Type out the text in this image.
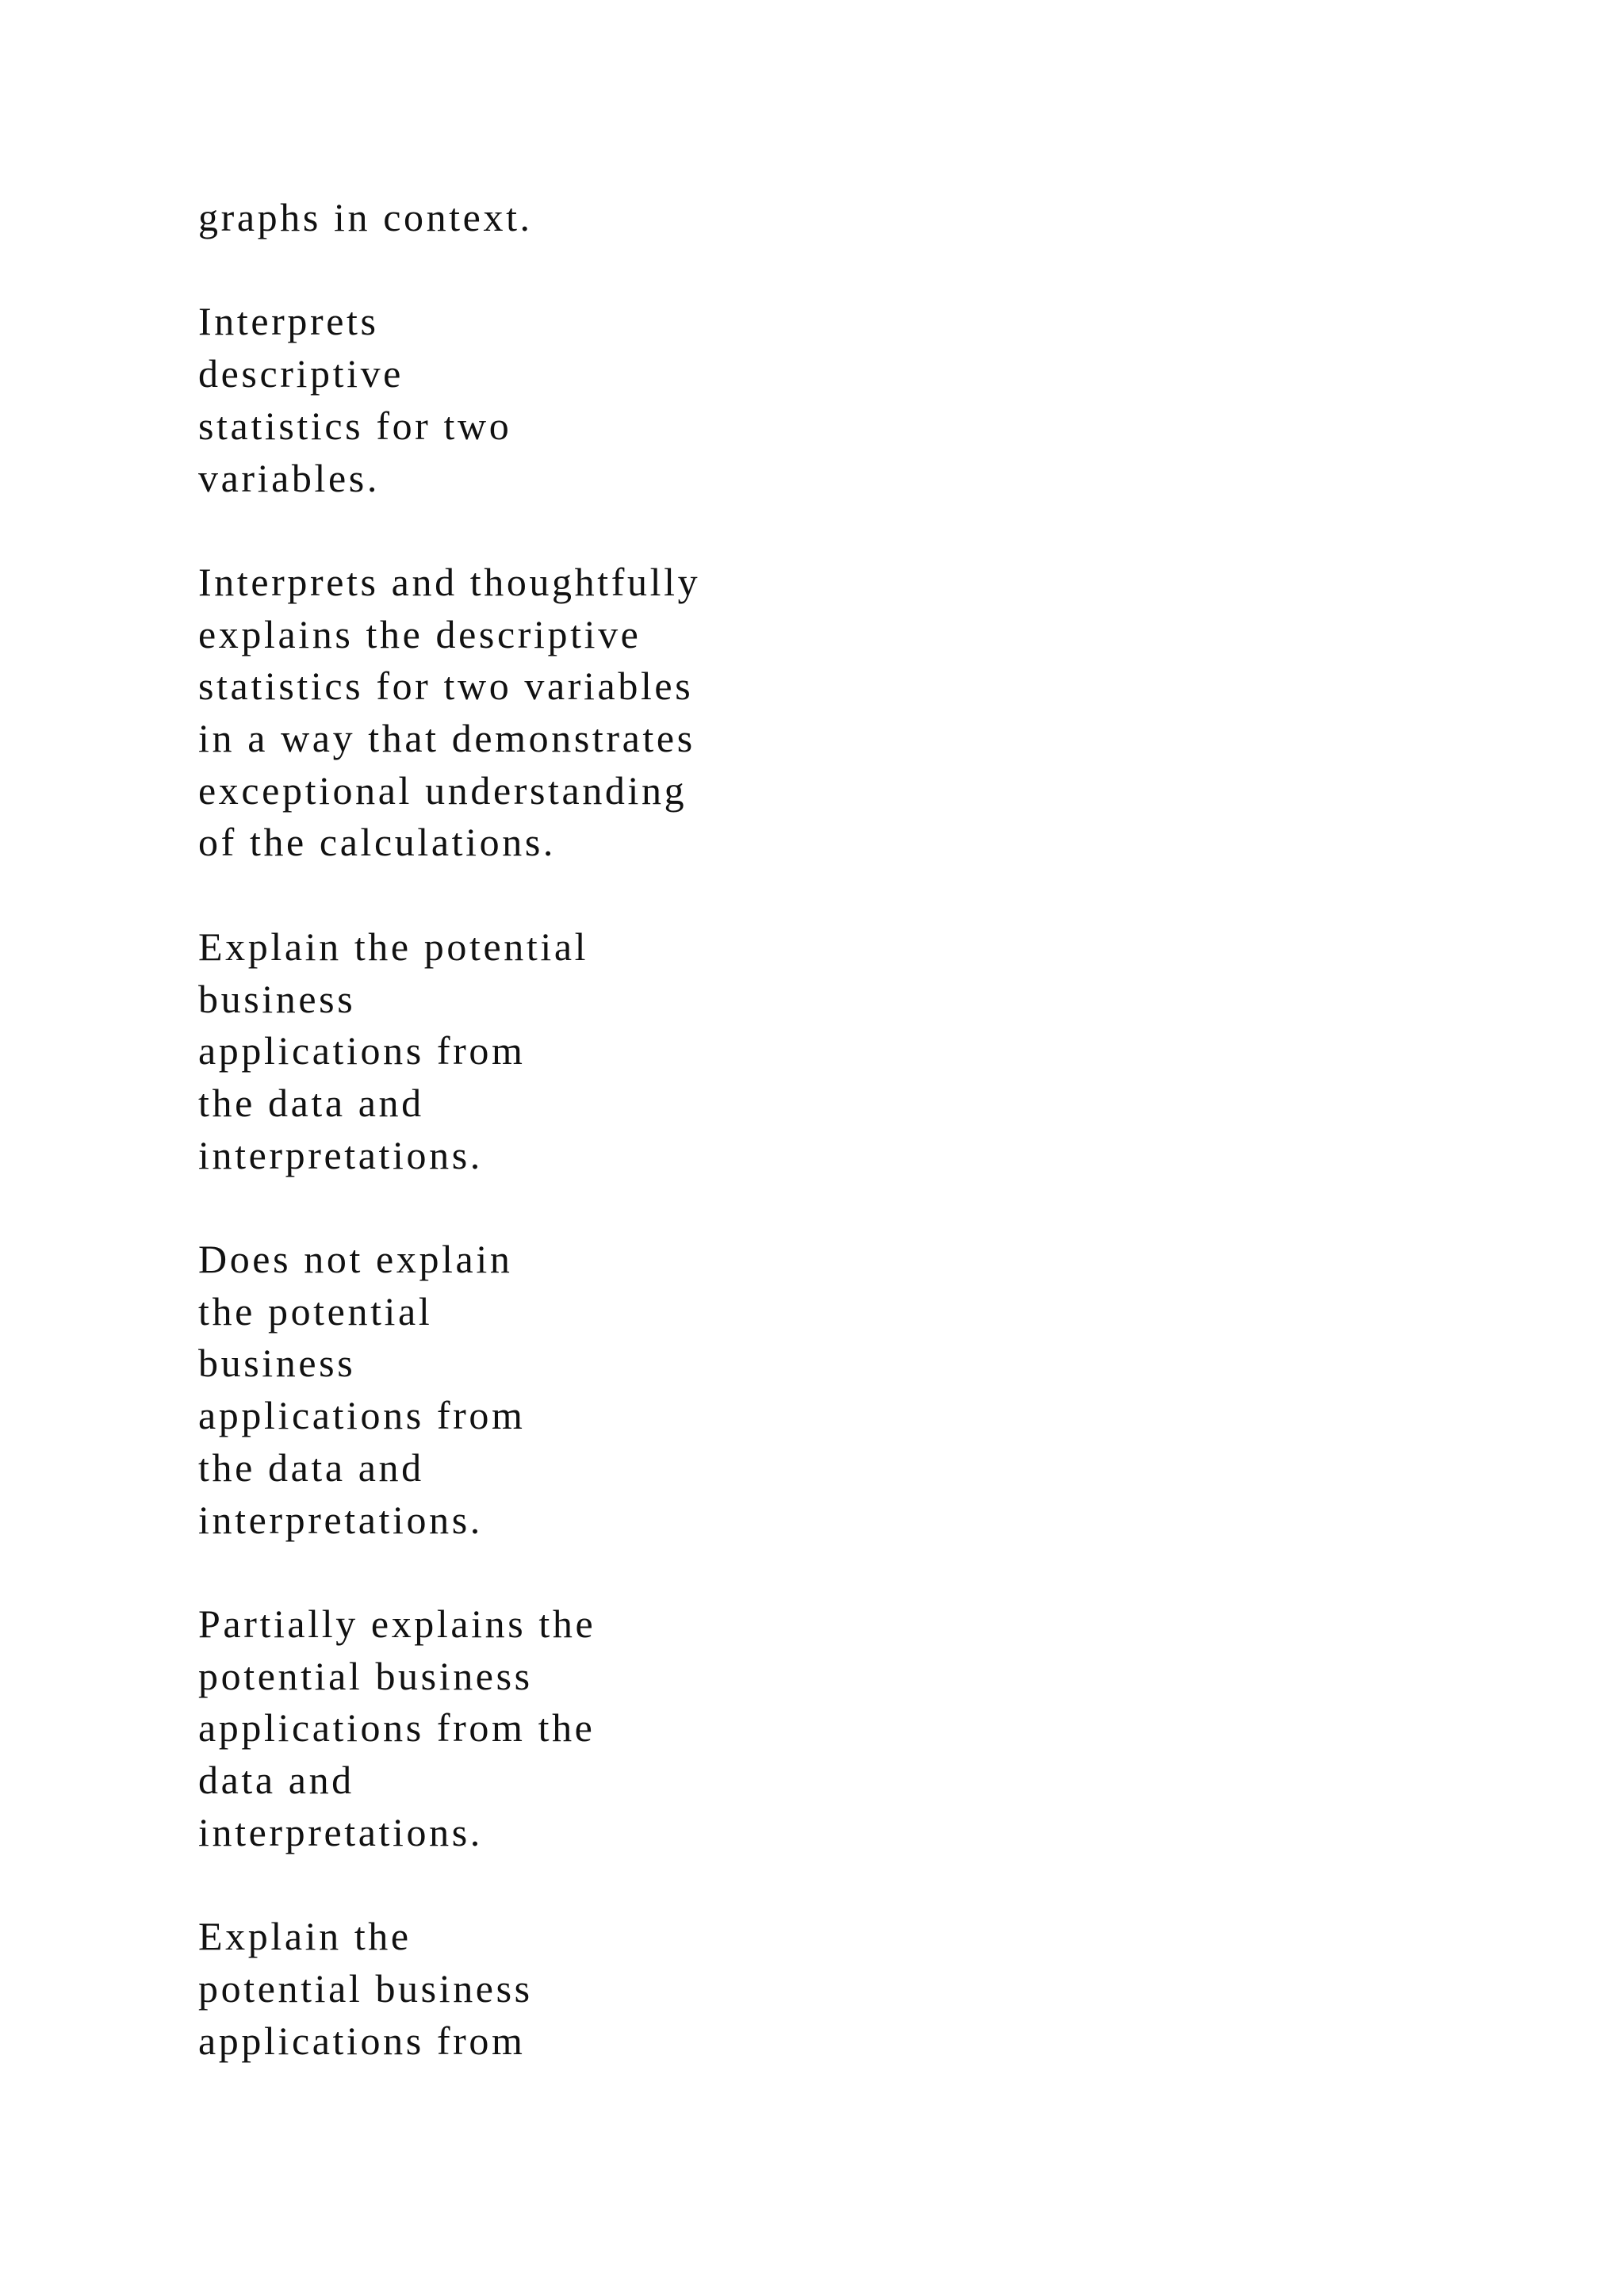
graphs in context.
Interprets
descriptive
statistics for two
variables.
Interprets and thoughtfully
explains the descriptive
statistics for two variables
in a way that demonstrates
exceptional understanding
of the calculations.
Explain the potential
business
applications from
the data and
interpretations.
Does not explain
the potential
business
applications from
the data and
interpretations.
Partially explains the
potential business
applications from the
data and
interpretations.
Explain the
potential business
applications from
